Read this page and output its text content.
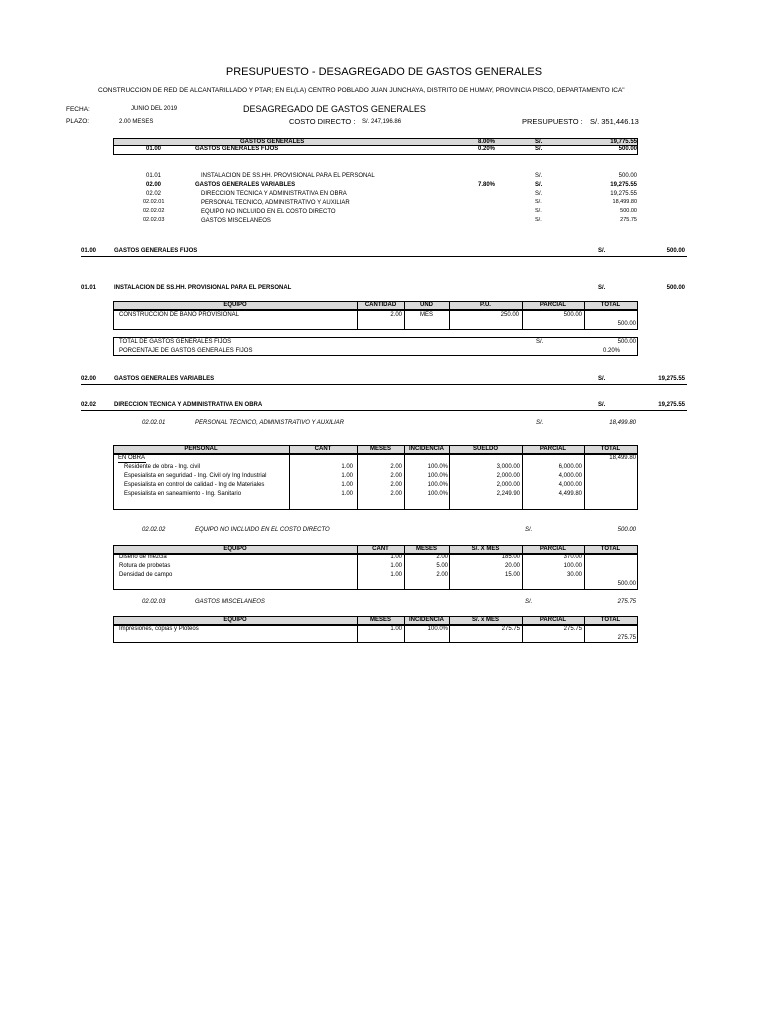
PRESUPUESTO - DESAGREGADO DE GASTOS GENERALES
CONSTRUCCION DE RED DE ALCANTARILLADO Y PTAR; EN EL(LA) CENTRO POBLADO JUAN JUNCHAYA, DISTRITO DE HUMAY, PROVINCIA PISCO, DEPARTAMENTO ICA"
FECHA:	JUNIO DEL 2019	DESAGREGADO DE GASTOS GENERALES
PLAZO:	2.00 MESES	COSTO DIRECTO : S/. 247,196.86	PRESUPUESTO : S/. 351,446.13
GASTOS GENERALES	8.00%	S/.	19,775.55
01.00	GASTOS GENERALES FIJOS	0.20%	S/.	500.00
01.01	INSTALACION DE SS.HH. PROVISIONAL PARA EL PERSONAL	S/.	500.00
02.00	GASTOS GENERALES VARIABLES	7.80%	S/.	19,275.55
02.02	DIRECCION TECNICA Y ADMINISTRATIVA EN OBRA	S/.	19,275.55
02.02.01	PERSONAL TECNICO, ADMINISTRATIVO Y AUXILIAR	S/.	18,499.80
02.02.02	EQUIPO NO INCLUIDO EN EL COSTO DIRECTO	S/.	500.00
02.02.03	GASTOS MISCELANEOS	S/.	275.75
01.00	GASTOS GENERALES FIJOS	S/.	500.00
01.01	INSTALACION DE SS.HH. PROVISIONAL PARA EL PERSONAL	S/.	500.00
EQUIPO	CANTIDAD	UND	P.U.	PARCIAL	TOTAL
CONSTRUCCION DE BAÑO PROVISIONAL	2.00	MES	250.00	500.00
500.00
TOTAL DE GASTOS GENERALES FIJOS	S/.	500.00
PORCENTAJE DE GASTOS GENERALES FIJOS	0.20%
02.00	GASTOS GENERALES VARIABLES	S/.	19,275.55
02.02	DIRECCION TECNICA Y ADMINISTRATIVA EN OBRA	S/.	19,275.55
02.02.01	PERSONAL TECNICO, ADMINISTRATIVO Y AUXILIAR	S/.	18,499.80
PERSONAL	CANT	MESES	INCIDENCIA	SUELDO	PARCIAL	TOTAL
EN OBRA	18,499.80
Residente de obra - Ing. civil	1.00	2.00	100.0%	3,000.00	6,000.00
Espesialista en seguridad - Ing. Civil o/y Ing Industrial	1.00	2.00	100.0%	2,000.00	4,000.00
Espesialista en control de calidad - Ing de Materiales	1.00	2.00	100.0%	2,000.00	4,000.00
Espesialista en saneamiento - Ing. Sanitario	1.00	2.00	100.0%	2,249.90	4,499.80
02.02.02	EQUIPO NO INCLUIDO EN EL COSTO DIRECTO	S/.	500.00
EQUIPO	CANT	MESES	S/. X MES	PARCIAL	TOTAL
Diseño de mezcla	1.00	2.00	185.00	370.00
Rotura de probetas	1.00	5.00	20.00	100.00
Densidad de campo	1.00	2.00	15.00	30.00
500.00
02.02.03	GASTOS MISCELANEOS	S/.	275.75
EQUIPO	MESES	INCIDENCIA	S/. x MES	PARCIAL	TOTAL
Impresiones, copias y Ploteos	1.00	100.0%	275.75	275.75
275.75
